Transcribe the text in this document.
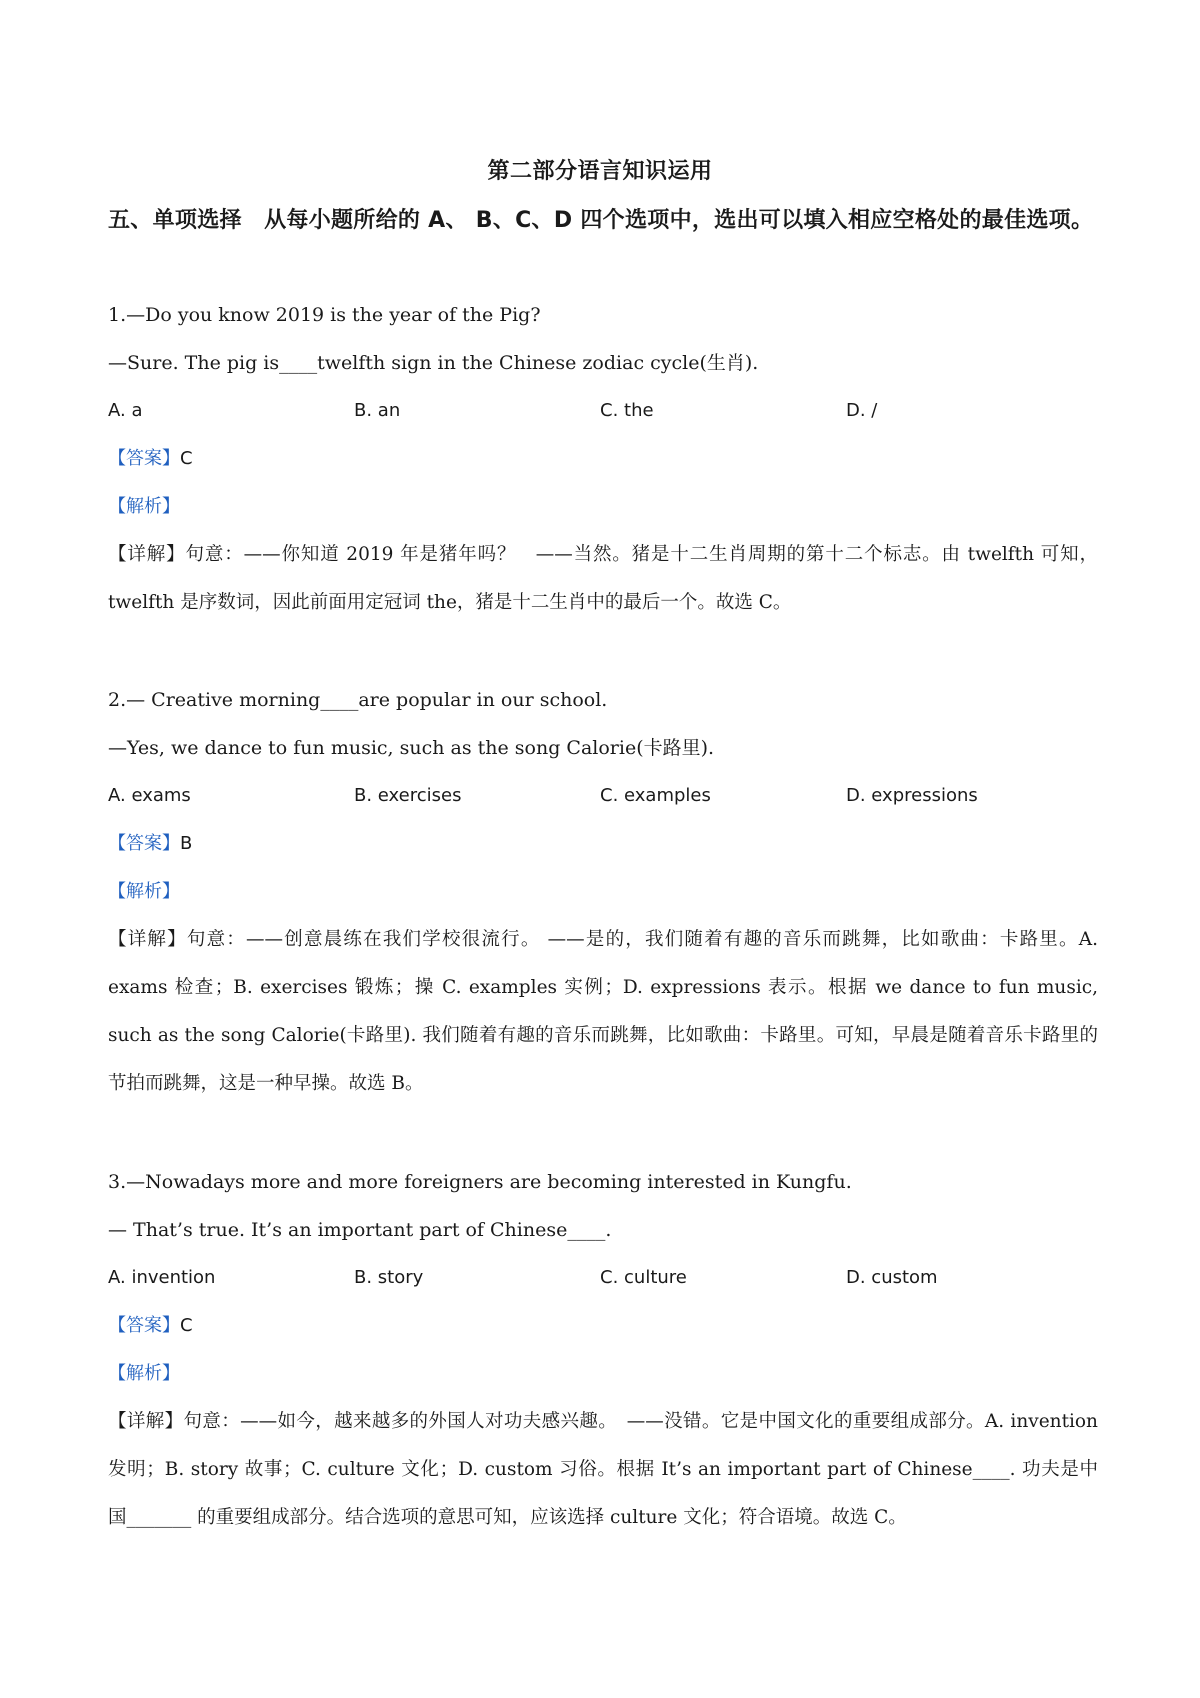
第二部分语言知识运用
五、单项选择　从每小题所给的 A、 B、C、D 四个选项中，选出可以填入相应空格处的最佳选项。
1.—Do you know 2019 is the year of the Pig?
—Sure. The pig is____twelfth sign in the Chinese zodiac cycle(生肖).
A. a	B. an	C. the	D. /
【答案】C
【解析】
【详解】句意：——你知道 2019 年是猪年吗？　——当然。猪是十二生肖周期的第十二个标志。由 twelfth 可知，twelfth 是序数词，因此前面用定冠词 the，猪是十二生肖中的最后一个。故选 C。
2.— Creative morning____are popular in our school.
—Yes, we dance to fun music, such as the song Calorie(卡路里).
A. exams	B. exercises	C. examples	D. expressions
【答案】B
【解析】
【详解】句意：——创意晨练在我们学校很流行。 ——是的，我们随着有趣的音乐而跳舞，比如歌曲：卡路里。A. exams 检查；B. exercises 锻炼；操 C. examples 实例；D. expressions 表示。根据 we dance to fun music, such as the song Calorie(卡路里). 我们随着有趣的音乐而跳舞，比如歌曲：卡路里。可知，早晨是随着音乐卡路里的节拍而跳舞，这是一种早操。故选 B。
3.—Nowadays more and more foreigners are becoming interested in Kungfu.
— That’s true. It’s an important part of Chinese____.
A. invention	B. story	C. culture	D. custom
【答案】C
【解析】
【详解】句意：——如今，越来越多的外国人对功夫感兴趣。　——没错。它是中国文化的重要组成部分。A. invention 发明；B. story 故事；C. culture 文化；D. custom 习俗。根据 It’s an important part of Chinese____. 功夫是中国_______ 的重要组成部分。结合选项的意思可知，应该选择 culture 文化；符合语境。故选 C。
